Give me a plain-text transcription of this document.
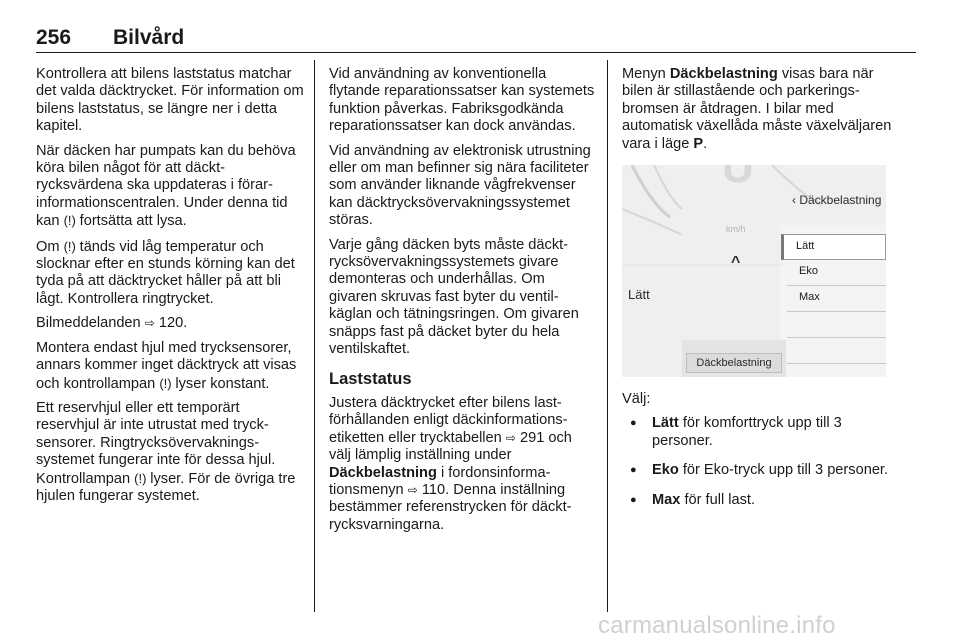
256 Bilvård

Kontrollera att bilens laststatus matchar det valda däcktrycket. För information om bilens laststatus, se längre ner i detta kapitel.

När däcken har pumpats kan du behöva köra bilen något för att däcktrycksvärdena ska uppdateras i förarinformationscentralen. Under denna tid kan (!) fortsätta att lysa.

Om (!) tänds vid låg temperatur och slocknar efter en stunds körning kan det tyda på att däcktrycket håller på att bli lågt. Kontrollera ringtrycket.

Bilmeddelanden ⇨ 120.

Montera endast hjul med trycksensorer, annars kommer inget däcktryck att visas och kontrollampan (!) lyser konstant.

Ett reservhjul eller ett temporärt reservhjul är inte utrustat med trycksensorer. Ringtrycksövervakningssystemet fungerar inte för dessa hjul. Kontrollampan (!) lyser. För de övriga tre hjulen fungerar systemet.

Vid användning av konventionella flytande reparationssatser kan systemets funktion påverkas. Fabriksgodkända reparationssatser kan dock användas.

Vid användning av elektronisk utrustning eller om man befinner sig nära faciliteter som använder liknande vågfrekvenser kan däcktrycksövervakningssystemet störas.

Varje gång däcken byts måste däcktrycksövervakningssystemets givare demonteras och underhållas. Om givaren skruvas fast byter du ventilkäglan och tätningsringen. Om givaren snäpps fast på däcket byter du hela ventilskaftet.

Laststatus

Justera däcktrycket efter bilens lastförhållanden enligt däckinformationsetiketten eller trycktabellen ⇨ 291 och välj lämplig inställning under Däckbelastning i fordonsinformationsmenyn ⇨ 110. Denna inställning bestämmer referenstrycken för däcktrycksvarningarna.

Menyn Däckbelastning visas bara när bilen är stillastående och parkeringsbromsen är åtdragen. I bilar med automatisk växellåda måste växelväljaren vara i läge P.

km/h
‹ Däckbelastning
^
Lätt
Eko
Max
Lätt
Däckbelastning

Välj:

● Lätt för komforttryck upp till 3 personer.
● Eko för Eko-tryck upp till 3 personer.
● Max för full last.
carmanualsonline.info
